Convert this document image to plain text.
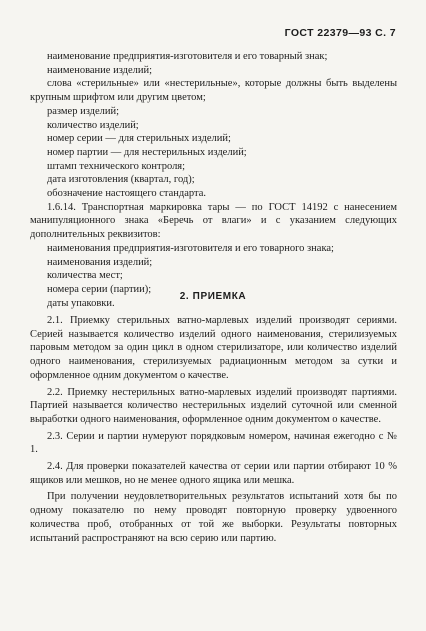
ГОСТ 22379—93 С. 7

наименование предприятия-изготовителя и его товарный знак;

наименование изделий;

слова «стерильные» или «нестерильные», которые должны быть выделены крупным шрифтом или другим цветом;

размер изделий;

количество изделий;

номер серии — для стерильных изделий;

номер партии — для нестерильных изделий;

штамп технического контроля;

дата изготовления (квартал, год);

обозначение настоящего стандарта.

1.6.14. Транспортная маркировка тары — по ГОСТ 14192 с нанесением манипуляционного знака «Беречь от влаги» и с указанием следующих дополнительных реквизитов:

наименования предприятия-изготовителя и его товарного знака;

наименования изделий;

количества мест;

номера серии (партии);

даты упаковки.

2. ПРИЕМКА

2.1. Приемку стерильных ватно-марлевых изделий производят сериями. Серией называется количество изделий одного наименования, стерилизуемых паровым методом за один цикл в одном стерилизаторе, или количество изделий одного наименования, стерилизуемых радиационным методом за сутки и оформленное одним документом о качестве.

2.2. Приемку нестерильных ватно-марлевых изделий производят партиями. Партией называется количество нестерильных изделий суточной или сменной выработки одного наименования, оформленное одним документом о качестве.

2.3. Серии и партии нумеруют порядковым номером, начиная ежегодно с № 1.

2.4. Для проверки показателей качества от серии или партии отбирают 10 % ящиков или мешков, но не менее одного ящика или мешка.

При получении неудовлетворительных результатов испытаний хотя бы по одному показателю по нему проводят повторную проверку удвоенного количества проб, отобранных от той же выборки. Результаты повторных испытаний распространяют на всю серию или партию.
